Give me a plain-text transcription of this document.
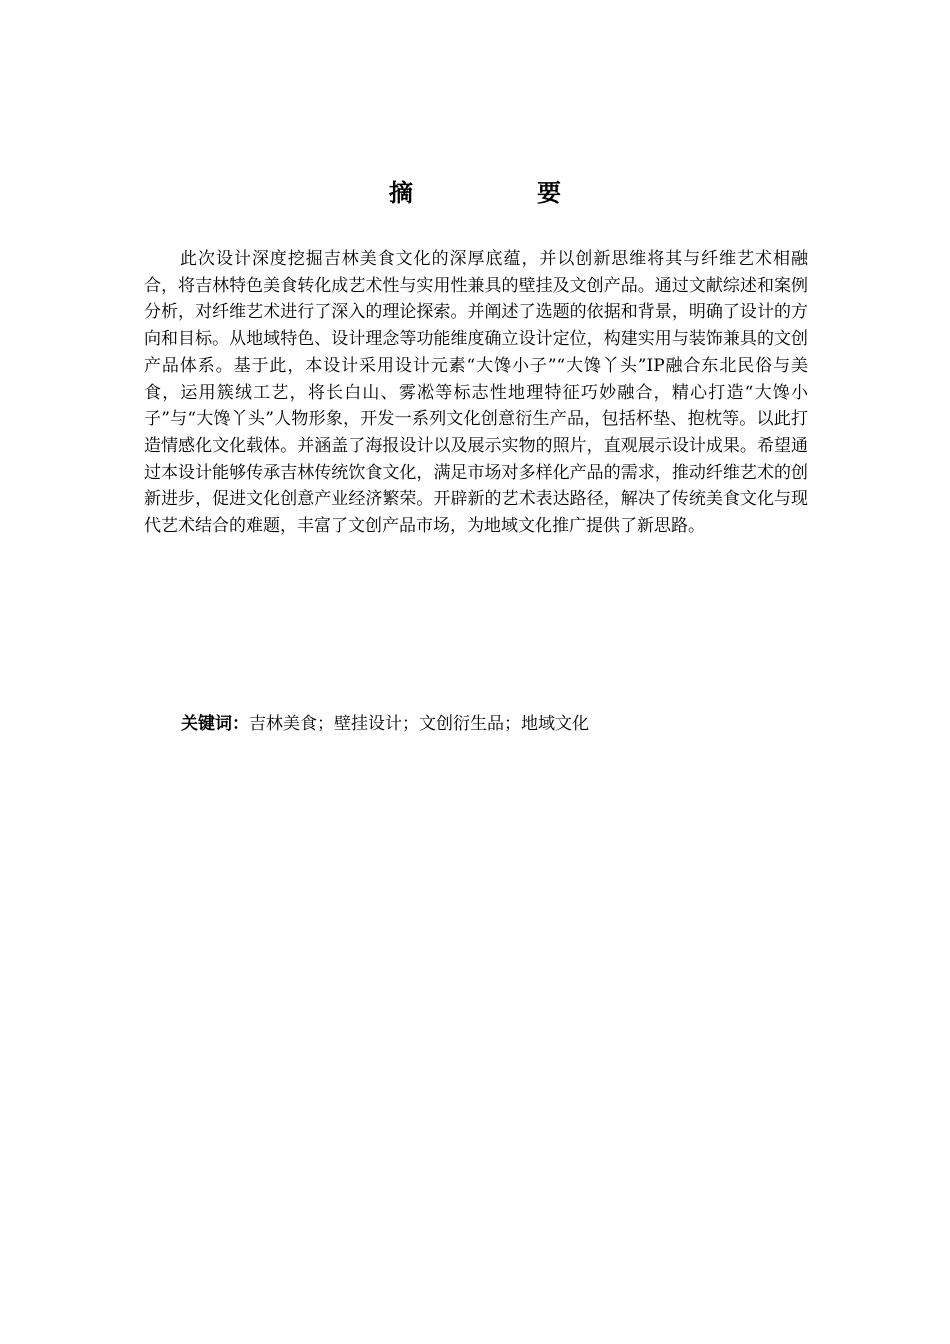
摘　要

此次设计深度挖掘吉林美食文化的深厚底蕴，并以创新思维将其与纤维艺术相融合，将吉林特色美食转化成艺术性与实用性兼具的壁挂及文创产品。通过文献综述和案例分析，对纤维艺术进行了深入的理论探索。并阐述了选题的依据和背景，明确了设计的方向和目标。从地域特色、设计理念等功能维度确立设计定位，构建实用与装饰兼具的文创产品体系。基于此，本设计采用设计元素“大馋小子”“大馋丫头”IP融合东北民俗与美食，运用簇绒工艺，将长白山、雾凇等标志性地理特征巧妙融合，精心打造“大馋小子”与“大馋丫头”人物形象，开发一系列文化创意衍生产品，包括杯垫、抱枕等。以此打造情感化文化载体。并涵盖了海报设计以及展示实物的照片，直观展示设计成果。希望通过本设计能够传承吉林传统饮食文化，满足市场对多样化产品的需求，推动纤维艺术的创新进步，促进文化创意产业经济繁荣。开辟新的艺术表达路径，解决了传统美食文化与现代艺术结合的难题，丰富了文创产品市场，为地域文化推广提供了新思路。

关键词：吉林美食；壁挂设计；文创衍生品；地域文化
